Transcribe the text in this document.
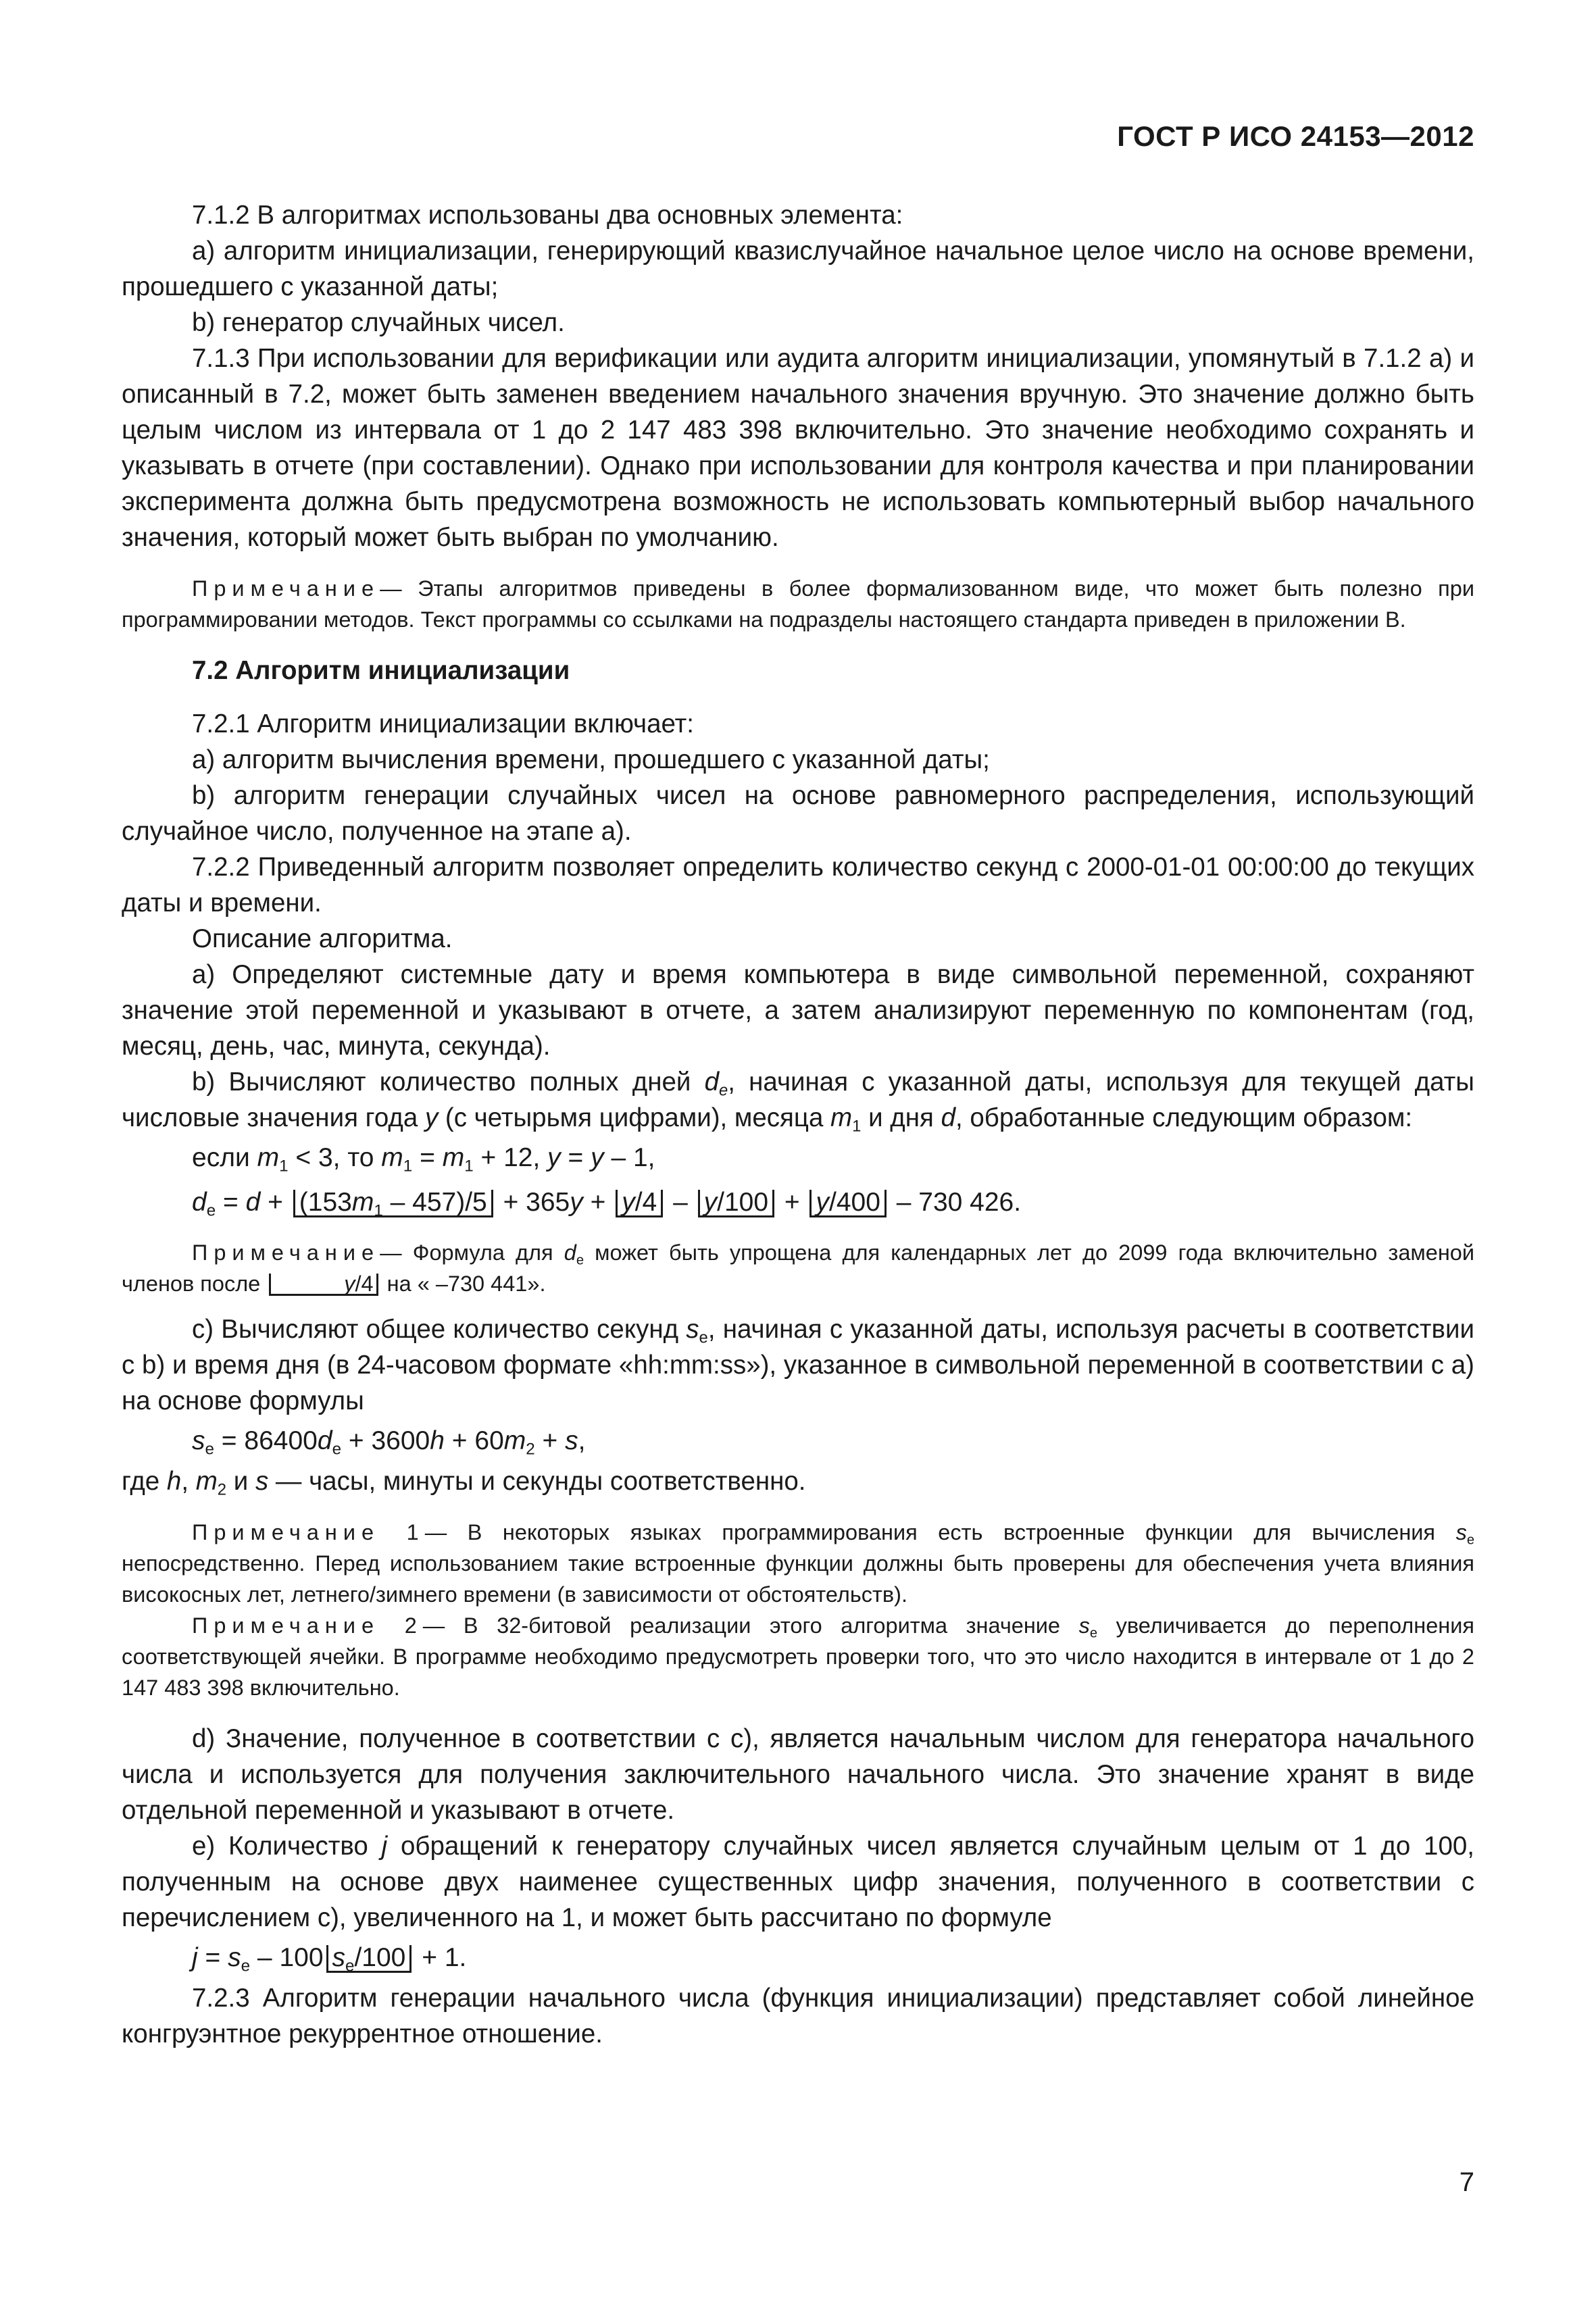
ГОСТ Р ИСО 24153—2012

7.1.2 В алгоритмах использованы два основных элемента:

а) алгоритм инициализации, генерирующий квазислучайное начальное целое число на основе времени, прошедшего с указанной даты;

b) генератор случайных чисел.

7.1.3 При использовании для верификации или аудита алгоритм инициализации, упомянутый в 7.1.2 а) и описанный в 7.2, может быть заменен введением начального значения вручную. Это значение должно быть целым числом из интервала от 1 до 2 147 483 398 включительно. Это значение необходимо сохранять и указывать в отчете (при составлении). Однако при использовании для контроля качества и при планировании эксперимента должна быть предусмотрена возможность не использовать компьютерный выбор начального значения, который может быть выбран по умолчанию.

Примечание— Этапы алгоритмов приведены в более формализованном виде, что может быть полезно при программировании методов. Текст программы со ссылками на подразделы настоящего стандарта приведен в приложении В.

7.2 Алгоритм инициализации

7.2.1 Алгоритм инициализации включает:

а) алгоритм вычисления времени, прошедшего с указанной даты;

b) алгоритм генерации случайных чисел на основе равномерного распределения, использующий случайное число, полученное на этапе а).

7.2.2 Приведенный алгоритм позволяет определить количество секунд с 2000-01-01 00:00:00 до текущих даты и времени.

Описание алгоритма.

а) Определяют системные дату и время компьютера в виде символьной переменной, сохраняют значение этой переменной и указывают в отчете, а затем анализируют переменную по компонентам (год, месяц, день, час, минута, секунда).

b) Вычисляют количество полных дней $d_e$, начиная с указанной даты, используя для текущей даты числовые значения года y (с четырьмя цифрами), месяца $m_1$ и дня d, обработанные следующим образом:

если $m_1 < 3$, то $m_1 = m_1 + 12$, y = y – 1,

$d_e = d + (153m_1 - 457)/5 + 365y + y/4 - y/100 + y/400 - 730$ 426.

Примечание— Формула для $d_e$ может быть упрощена для календарных лет до 2099 года включительно заменой членов после	y/4 на « –730 441».

с) Вычисляют общее количество секунд $s_e$, начиная с указанной даты, используя расчеты в соответствии с b) и время дня (в 24-часовом формате «hh:mm:ss»), указанное в символьной переменной в соответствии с а) на основе формулы

$s_e = 86400d_e + 3600h + 60m_2 + s$,

где h, $m_2$ и s — часы, минуты и секунды соответственно.

Примечание 1— В некоторых языках программирования есть встроенные функции для вычисления $s_e$ непосредственно. Перед использованием такие встроенные функции должны быть проверены для обеспечения учета влияния високосных лет, летнего/зимнего времени (в зависимости от обстоятельств).

Примечание 2— В 32-битовой реализации этого алгоритма значение $s_e$ увеличивается до переполнения соответствующей ячейки. В программе необходимо предусмотреть проверки того, что это число находится в интервале от 1 до 2 147 483 398 включительно.

d) Значение, полученное в соответствии с с), является начальным числом для генератора начального числа и используется для получения заключительного начального числа. Это значение хранят в виде отдельной переменной и указывают в отчете.

е) Количество j обращений к генератору случайных чисел является случайным целым от 1 до 100, полученным на основе двух наименее существенных цифр значения, полученного в соответствии с перечислением с), увеличенного на 1, и может быть рассчитано по формуле

$j = s_e - 100$ $s_e/100 + 1$.

7.2.3 Алгоритм генерации начального числа (функция инициализации) представляет собой линейное конгруэнтное рекуррентное отношение.

7
